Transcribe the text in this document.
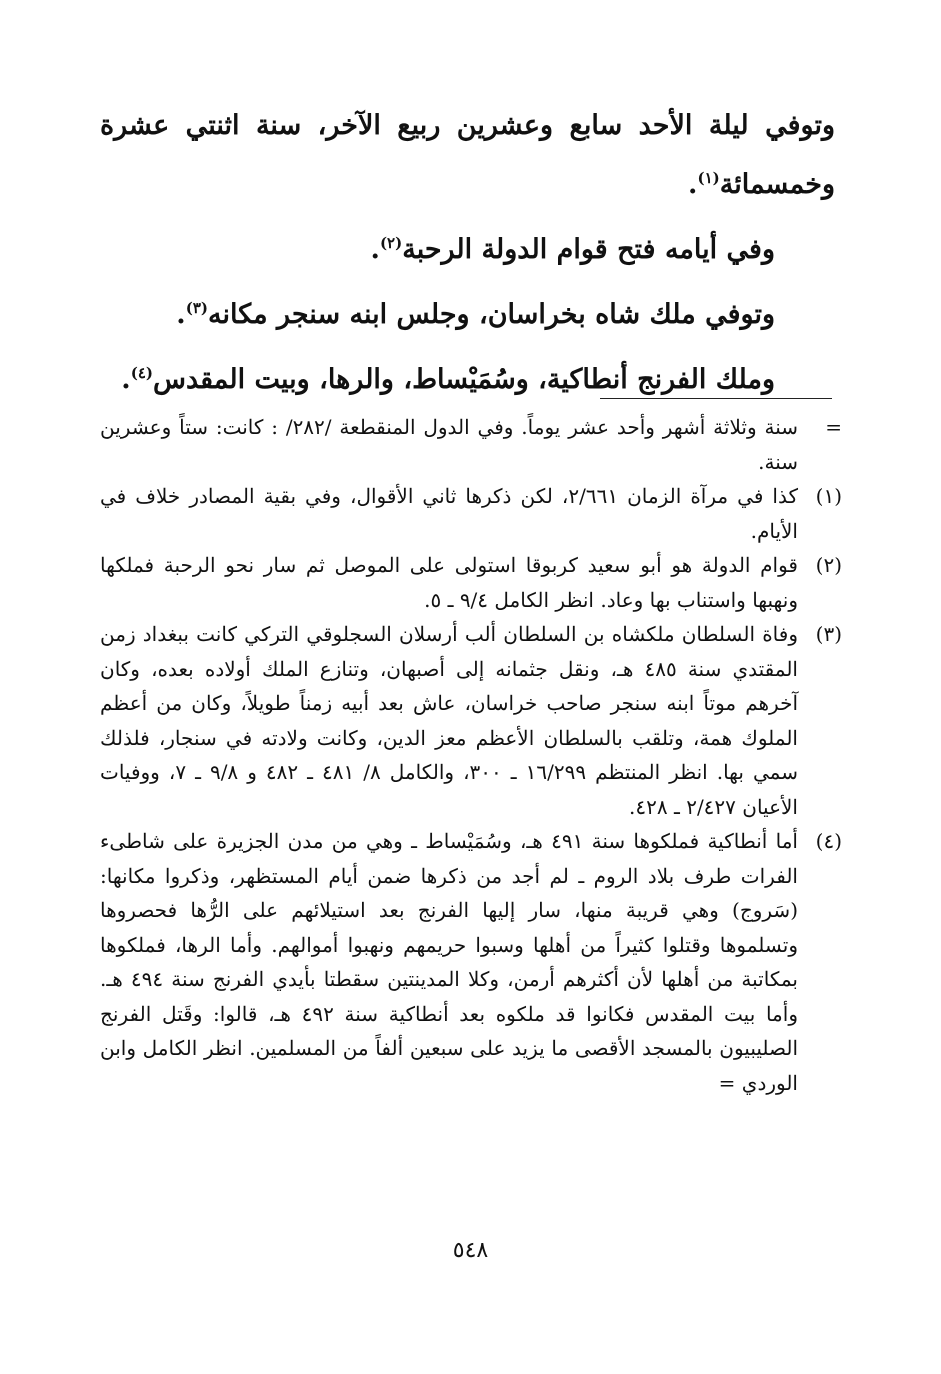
وتوفي ليلة الأحد سابع وعشرين ربيع الآخر، سنة اثنتي عشرة وخمسمائة$^{(١)}$.

وفي أيامه فتح قوام الدولة الرحبة$^{(٢)}$.

وتوفي ملك شاه بخراسان، وجلس ابنه سنجر مكانه$^{(٣)}$.

وملك الفرنج أنطاكية، وسُمَيْساط، والرها، وبيت المقدس$^{(٤)}$.

=
سنة وثلاثة أشهر وأحد عشر يوماً. وفي الدول المنقطعة /٢٨٢/ : كانت: ستاً وعشرين سنة.
(١)
كذا في مرآة الزمان ٢/٦٦١، لكن ذكرها ثاني الأقوال، وفي بقية المصادر خلاف في الأيام.
(٢)
قوام الدولة هو أبو سعيد كربوقا استولى على الموصل ثم سار نحو الرحبة فملكها ونهبها واستناب بها وعاد. انظر الكامل ٩/٤ ـ ٥.
(٣)
وفاة السلطان ملكشاه بن السلطان ألب أرسلان السجلوقي التركي كانت ببغداد زمن المقتدي سنة ٤٨٥ هـ، ونقل جثمانه إلى أصبهان، وتنازع الملك أولاده بعده، وكان آخرهم موتاً ابنه سنجر صاحب خراسان، عاش بعد أبيه زمناً طويلاً، وكان من أعظم الملوك همة، وتلقب بالسلطان الأعظم معز الدين، وكانت ولادته في سنجار، فلذلك سمي بها. انظر المنتظم ١٦/٢٩٩ ـ ٣٠٠، والكامل ٨/ ٤٨١ ـ ٤٨٢ و ٩/٨ ـ ٧، ووفيات الأعيان ٢/٤٢٧ ـ ٤٢٨.
(٤)
أما أنطاكية فملكوها سنة ٤٩١ هـ، وسُمَيْساط ـ وهي من مدن الجزيرة على شاطىء الفرات طرف بلاد الروم ـ لم أجد من ذكرها ضمن أيام المستظهر، وذكروا مكانها: (سَروج) وهي قريبة منها، سار إليها الفرنج بعد استيلائهم على الرُّها فحصروها وتسلموها وقتلوا كثيراً من أهلها وسبوا حريمهم ونهبوا أموالهم. وأما الرها، فملكوها بمكاتبة من أهلها لأن أكثرهم أرمن، وكلا المدينتين سقطتا بأيدي الفرنج سنة ٤٩٤ هـ. وأما بيت المقدس فكانوا قد ملكوه بعد أنطاكية سنة ٤٩٢ هـ، قالوا: وقَتل الفرنج الصليبيون بالمسجد الأقصى ما يزيد على سبعين ألفاً من المسلمين. انظر الكامل وابن الوردي =
٥٤٨
